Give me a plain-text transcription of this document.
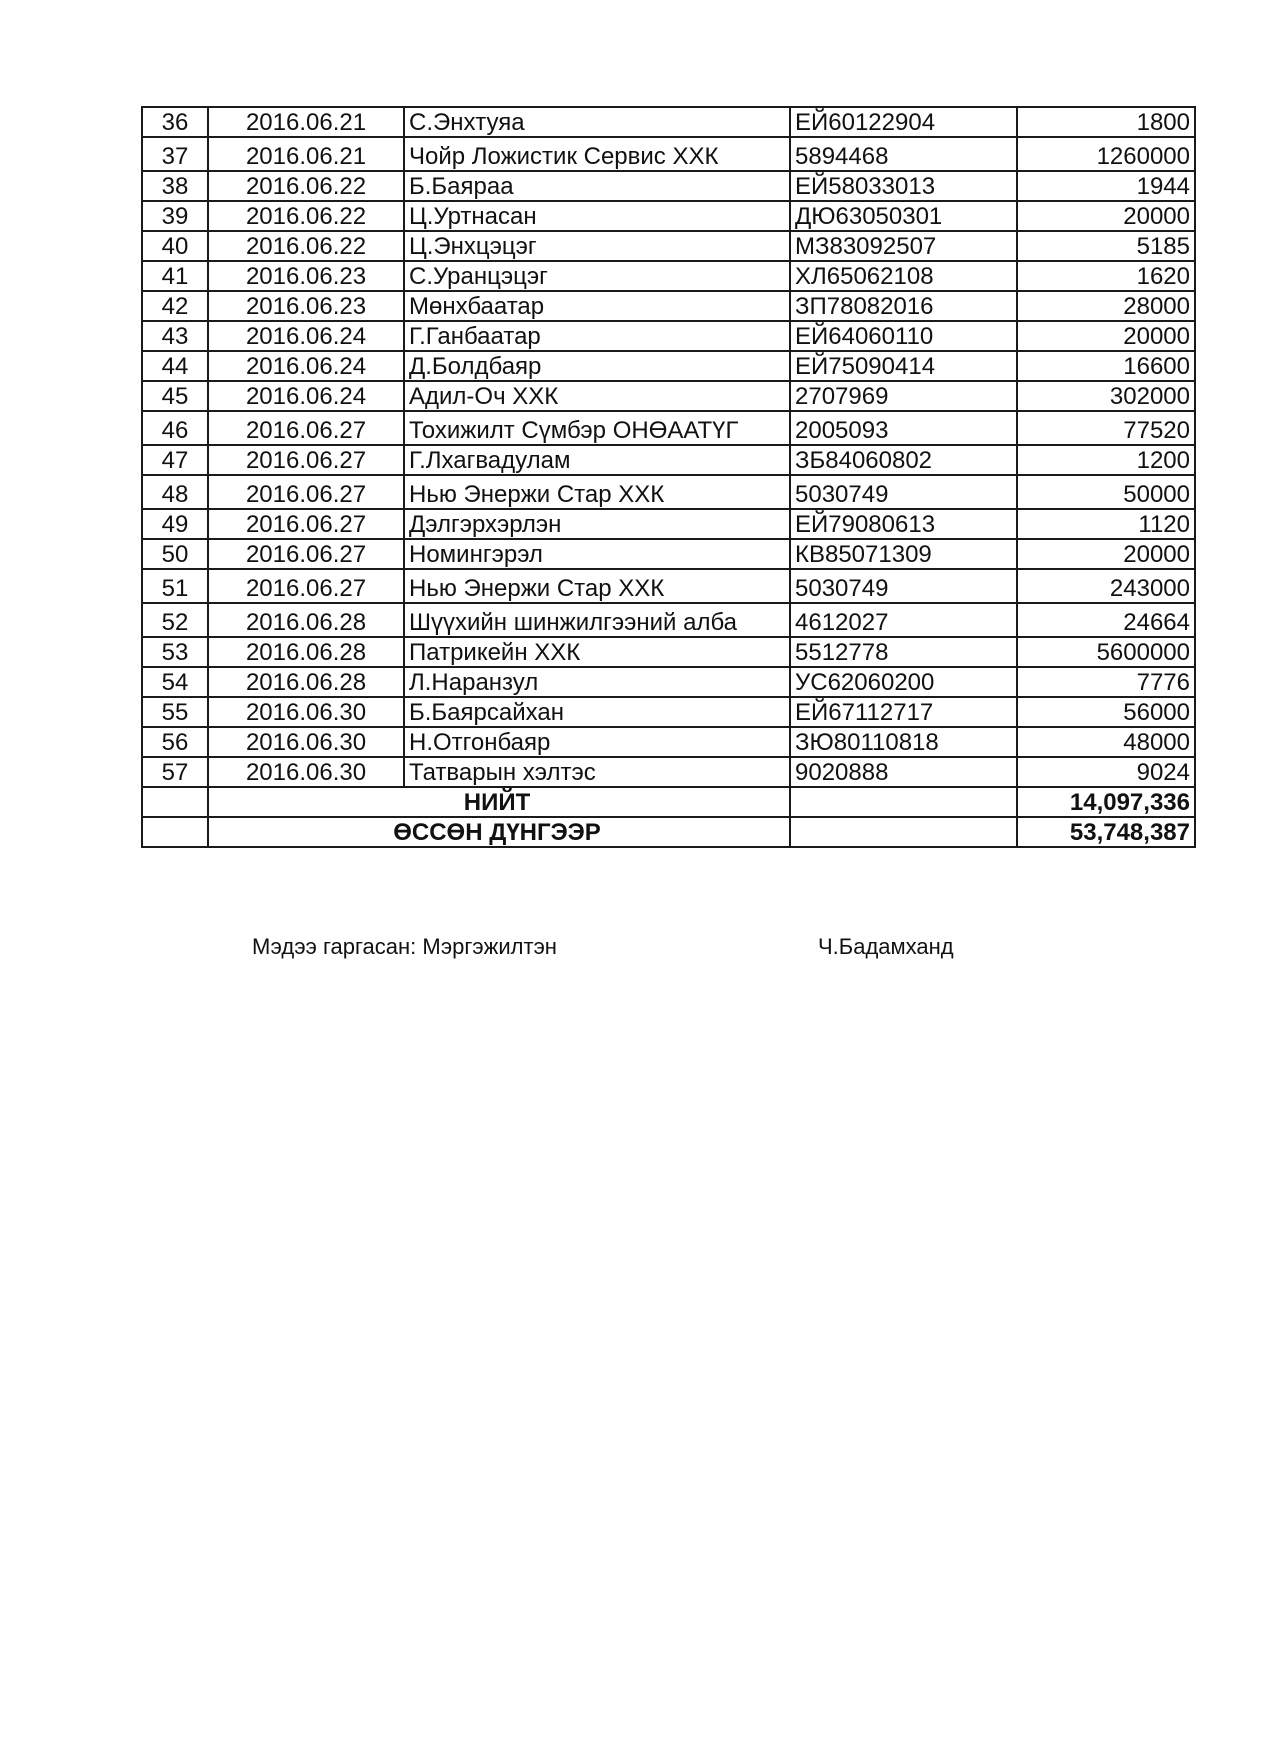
36	2016.06.21	С.Энхтуяа	ЕЙ60122904	1800
37	2016.06.21	Чойр Ложистик Сервис ХХК	5894468	1260000
38	2016.06.22	Б.Баяраа	ЕЙ58033013	1944
39	2016.06.22	Ц.Уртнасан	ДЮ63050301	20000
40	2016.06.22	Ц.Энхцэцэг	МЗ83092507	5185
41	2016.06.23	С.Уранцэцэг	ХЛ65062108	1620
42	2016.06.23	Мөнхбаатар	ЗП78082016	28000
43	2016.06.24	Г.Ганбаатар	ЕЙ64060110	20000
44	2016.06.24	Д.Болдбаяр	ЕЙ75090414	16600
45	2016.06.24	Адил-Оч ХХК	2707969	302000
46	2016.06.27	Тохижилт Сүмбэр ОНӨААТҮГ	2005093	77520
47	2016.06.27	Г.Лхагвадулам	ЗБ84060802	1200
48	2016.06.27	Нью Энержи Стар ХХК	5030749	50000
49	2016.06.27	Дэлгэрхэрлэн	ЕЙ79080613	1120
50	2016.06.27	Номингэрэл	КВ85071309	20000
51	2016.06.27	Нью Энержи Стар ХХК	5030749	243000
52	2016.06.28	Шүүхийн шинжилгээний алба	4612027	24664
53	2016.06.28	Патрикейн ХХК	5512778	5600000
54	2016.06.28	Л.Наранзул	УС62060200	7776
55	2016.06.30	Б.Баярсайхан	ЕЙ67112717	56000
56	2016.06.30	Н.Отгонбаяр	ЗЮ80110818	48000
57	2016.06.30	Татварын хэлтэс	9020888	9024
	НИЙТ			14,097,336
	ӨССӨН ДҮНГЭЭР			53,748,387
Мэдээ гаргасан: Мэргэжилтэн	Ч.Бадамханд
